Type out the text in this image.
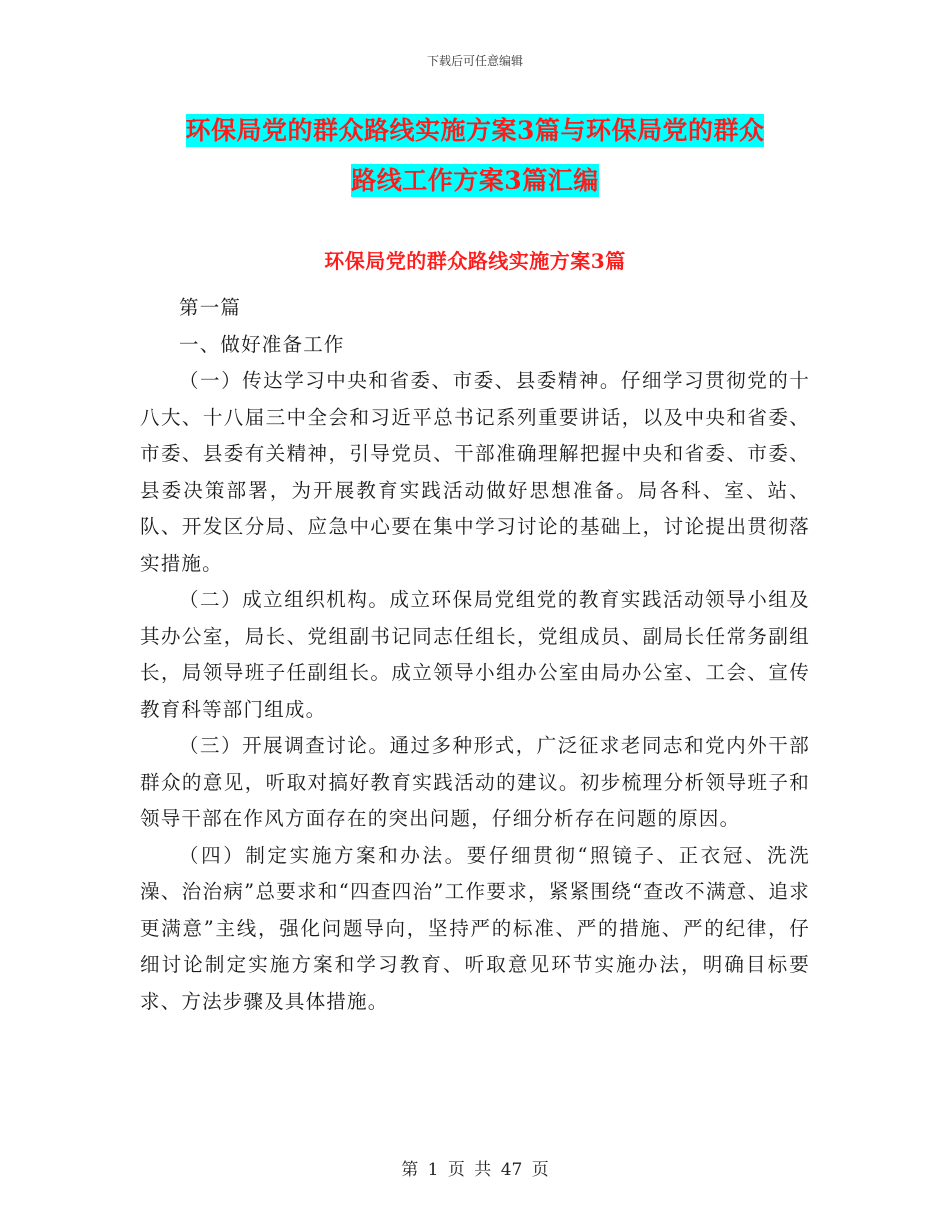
下载后可任意编辑
环保局党的群众路线实施方案3篇与环保局党的群众
路线工作方案3篇汇编
环保局党的群众路线实施方案3篇

第一篇

一、做好准备工作

（一）传达学习中央和省委、市委、县委精神。仔细学习贯彻党的十八大、十八届三中全会和习近平总书记系列重要讲话，以及中央和省委、市委、县委有关精神，引导党员、干部准确理解把握中央和省委、市委、县委决策部署，为开展教育实践活动做好思想准备。局各科、室、站、队、开发区分局、应急中心要在集中学习讨论的基础上，讨论提出贯彻落实措施。

（二）成立组织机构。成立环保局党组党的教育实践活动领导小组及其办公室，局长、党组副书记同志任组长，党组成员、副局长任常务副组长，局领导班子任副组长。成立领导小组办公室由局办公室、工会、宣传教育科等部门组成。

（三）开展调查讨论。通过多种形式，广泛征求老同志和党内外干部群众的意见，听取对搞好教育实践活动的建议。初步梳理分析领导班子和领导干部在作风方面存在的突出问题，仔细分析存在问题的原因。

（四）制定实施方案和办法。要仔细贯彻“照镜子、正衣冠、洗洗澡、治治病”总要求和“四查四治”工作要求，紧紧围绕“查改不满意、追求更满意”主线，强化问题导向，坚持严的标准、严的措施、严的纪律，仔细讨论制定实施方案和学习教育、听取意见环节实施办法，明确目标要求、方法步骤及具体措施。

第 1 页 共 47 页
